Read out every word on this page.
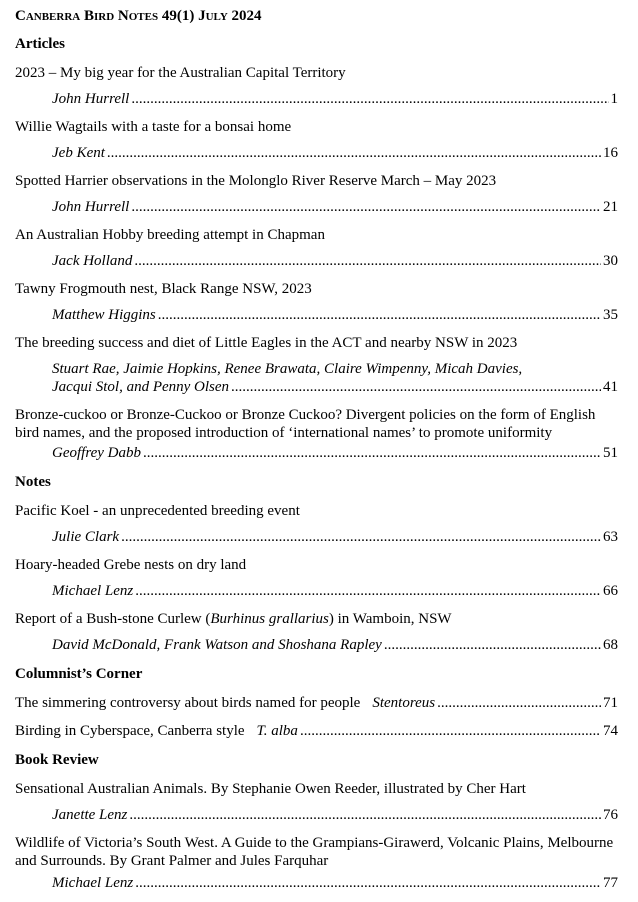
Canberra Bird Notes 49(1) July 2024
Articles
2023 – My big year for the Australian Capital Territory
John Hurrell .....	1
Willie Wagtails with a taste for a bonsai home
Jeb Kent .....	16
Spotted Harrier observations in the Molonglo River Reserve March – May 2023
John Hurrell .....	21
An Australian Hobby breeding attempt in Chapman
Jack Holland .....	30
Tawny Frogmouth nest, Black Range NSW, 2023
Matthew Higgins .....	35
The breeding success and diet of Little Eagles in the ACT and nearby NSW in 2023
Stuart Rae, Jaimie Hopkins, Renee Brawata, Claire Wimpenny, Micah Davies,
Jacqui Stol, and Penny Olsen .....	41
Bronze-cuckoo or Bronze-Cuckoo or Bronze Cuckoo? Divergent policies on the form of English bird names, and the proposed introduction of ‘international names’ to promote uniformity
Geoffrey Dabb .....	51
Notes
Pacific Koel - an unprecedented breeding event
Julie Clark .....	63
Hoary-headed Grebe nests on dry land
Michael Lenz .....	66
Report of a Bush-stone Curlew (Burhinus grallarius) in Wamboin, NSW
David McDonald, Frank Watson and Shoshana Rapley .....	68
Columnist’s Corner
The simmering controversy about birds named for people Stentoreus .....	71
Birding in Cyberspace, Canberra style T. alba .....	74
Book Review
Sensational Australian Animals. By Stephanie Owen Reeder, illustrated by Cher Hart
Janette Lenz .....	76
Wildlife of Victoria’s South West. A Guide to the Grampians-Girawerd, Volcanic Plains, Melbourne and Surrounds. By Grant Palmer and Jules Farquhar
Michael Lenz .....	77
